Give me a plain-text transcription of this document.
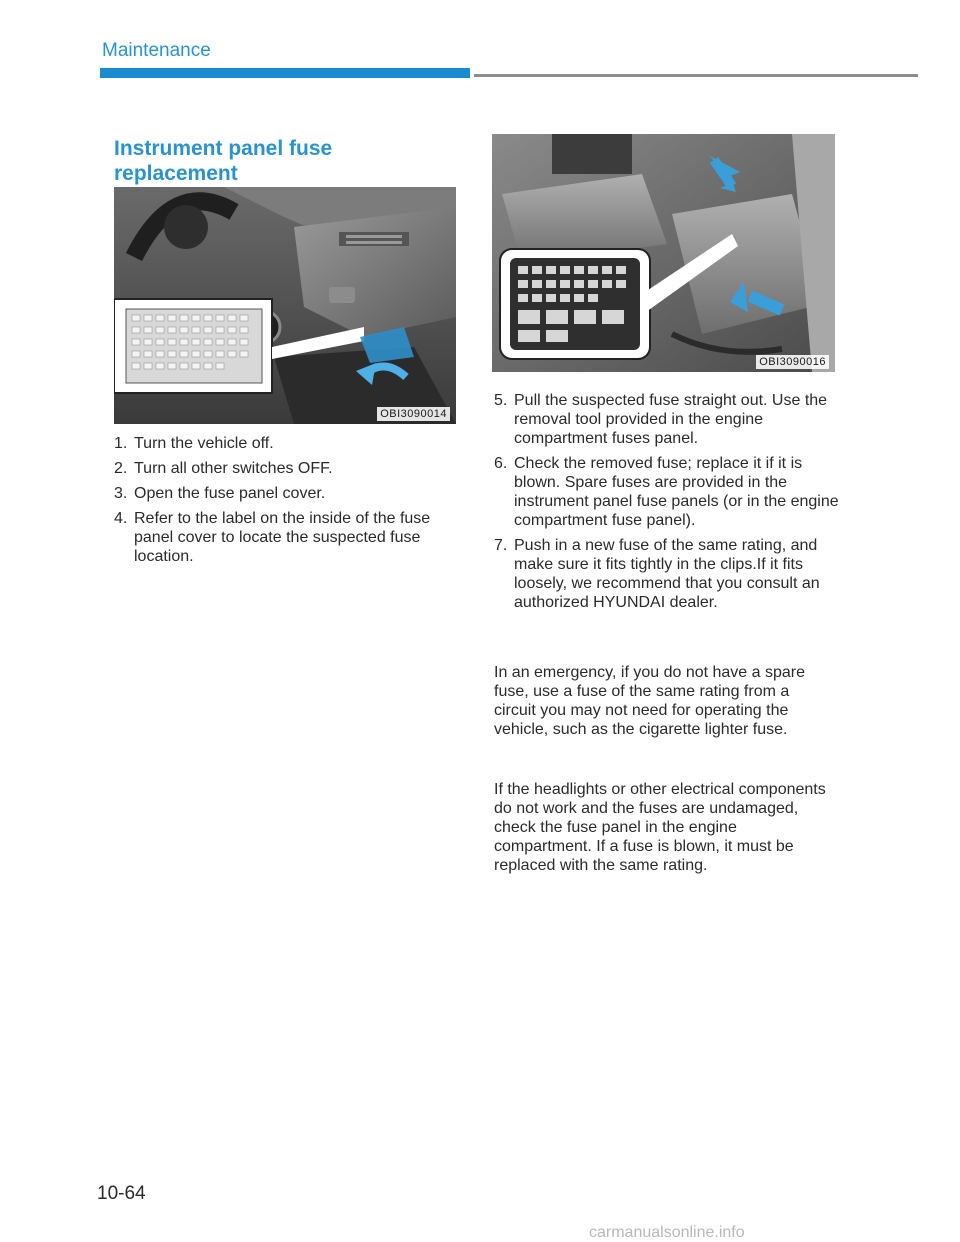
Maintenance
Instrument panel fuse replacement
OBI3090014
OBI3090016
1. Turn the vehicle off.
2. Turn all other switches OFF.
3. Open the fuse panel cover.
4. Refer to the label on the inside of the fuse panel cover to locate the suspected fuse location.
5. Pull the suspected fuse straight out. Use the removal tool provided in the engine compartment fuses panel.
6. Check the removed fuse; replace it if it is blown. Spare fuses are provided in the instrument panel fuse panels (or in the engine compartment fuse panel).
7. Push in a new fuse of the same rating, and make sure it fits tightly in the clips.If it fits loosely, we recommend that you consult an authorized HYUNDAI dealer.

In an emergency, if you do not have a spare fuse, use a fuse of the same rating from a circuit you may not need for operating the vehicle, such as the cigarette lighter fuse.

If the headlights or other electrical components do not work and the fuses are undamaged, check the fuse panel in the engine compartment. If a fuse is blown, it must be replaced with the same rating.

10-64
carmanualsonline.info
